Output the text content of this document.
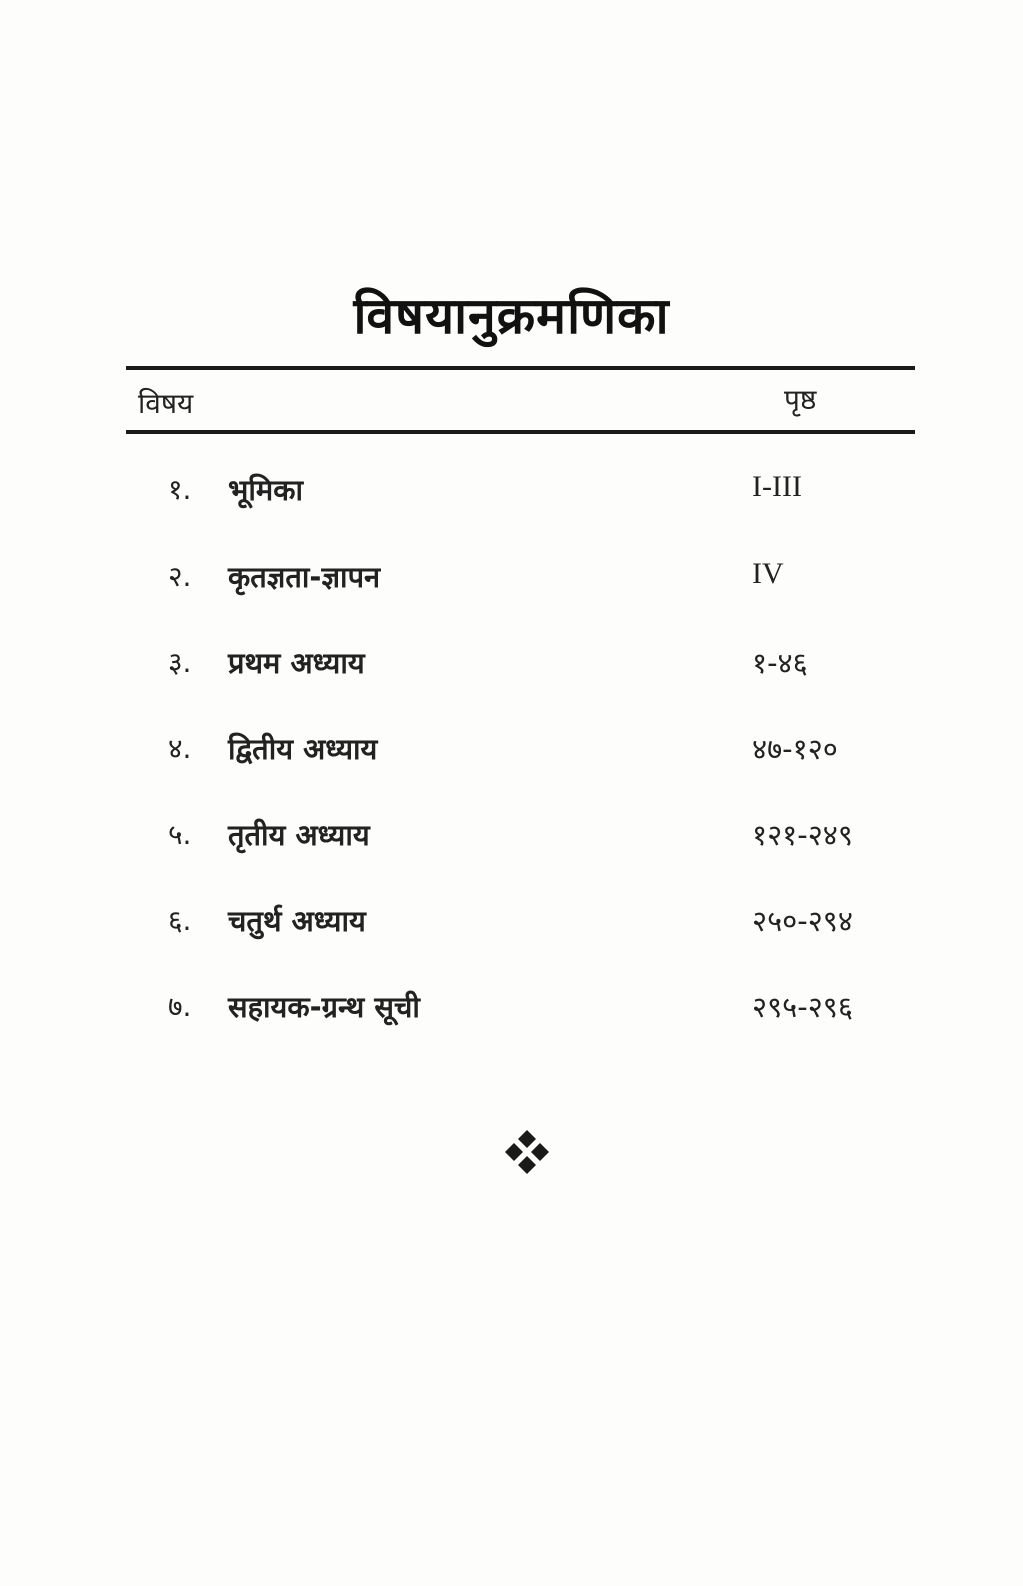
विषयानुक्रमणिका
विषय	पृष्ठ
१. भूमिका	I-III
२. कृतज्ञता-ज्ञापन	IV
३. प्रथम अध्याय	१-४६
४. द्वितीय अध्याय	४७-१२०
५. तृतीय अध्याय	१२१-२४९
६. चतुर्थ अध्याय	२५०-२९४
७. सहायक-ग्रन्थ सूची	२९५-२९६
